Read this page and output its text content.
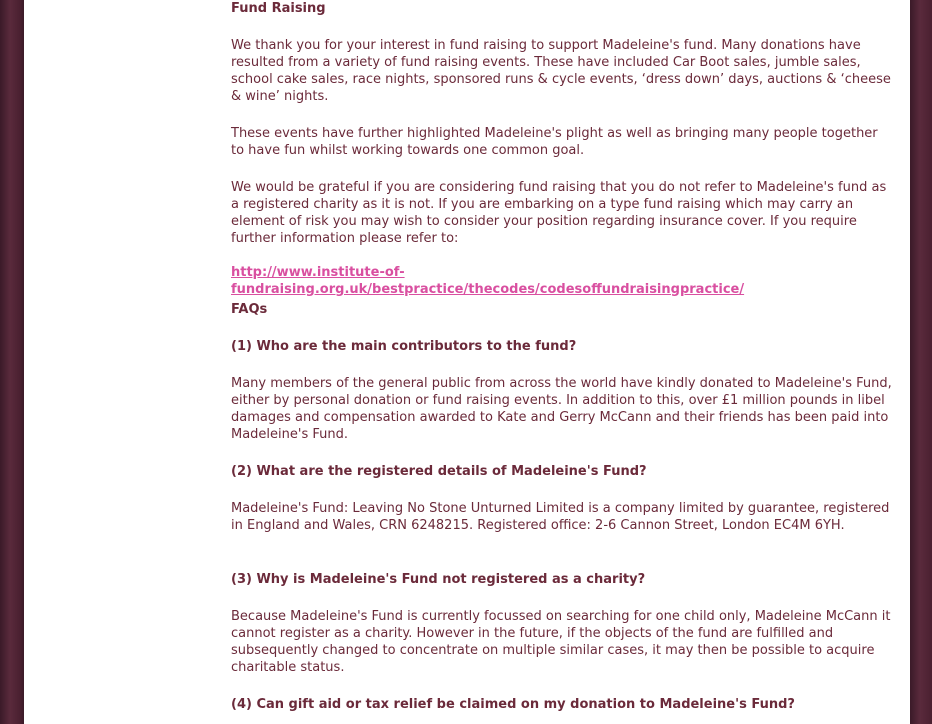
Fund Raising

We thank you for your interest in fund raising to support Madeleine's fund. Many donations have resulted from a variety of fund raising events. These have included Car Boot sales, jumble sales, school cake sales, race nights, sponsored runs & cycle events, ‘dress down’ days, auctions & ‘cheese & wine’ nights.

These events have further highlighted Madeleine's plight as well as bringing many people together to have fun whilst working towards one common goal.

We would be grateful if you are considering fund raising that you do not refer to Madeleine's fund as a registered charity as it is not. If you are embarking on a type fund raising which may carry an element of risk you may wish to consider your position regarding insurance cover. If you require further information please refer to:

http://www.institute-of-fundraising.org.uk/bestpractice/thecodes/codesoffundraisingpractice/

FAQs

(1) Who are the main contributors to the fund?

Many members of the general public from across the world have kindly donated to Madeleine's Fund, either by personal donation or fund raising events. In addition to this, over £1 million pounds in libel damages and compensation awarded to Kate and Gerry McCann and their friends has been paid into Madeleine's Fund.

(2) What are the registered details of Madeleine's Fund?

Madeleine's Fund: Leaving No Stone Unturned Limited is a company limited by guarantee, registered in England and Wales, CRN 6248215. Registered office: 2-6 Cannon Street, London EC4M 6YH.

(3) Why is Madeleine's Fund not registered as a charity?

Because Madeleine's Fund is currently focussed on searching for one child only, Madeleine McCann it cannot register as a charity. However in the future, if the objects of the fund are fulfilled and subsequently changed to concentrate on multiple similar cases, it may then be possible to acquire charitable status.

(4) Can gift aid or tax relief be claimed on my donation to Madeleine's Fund?
